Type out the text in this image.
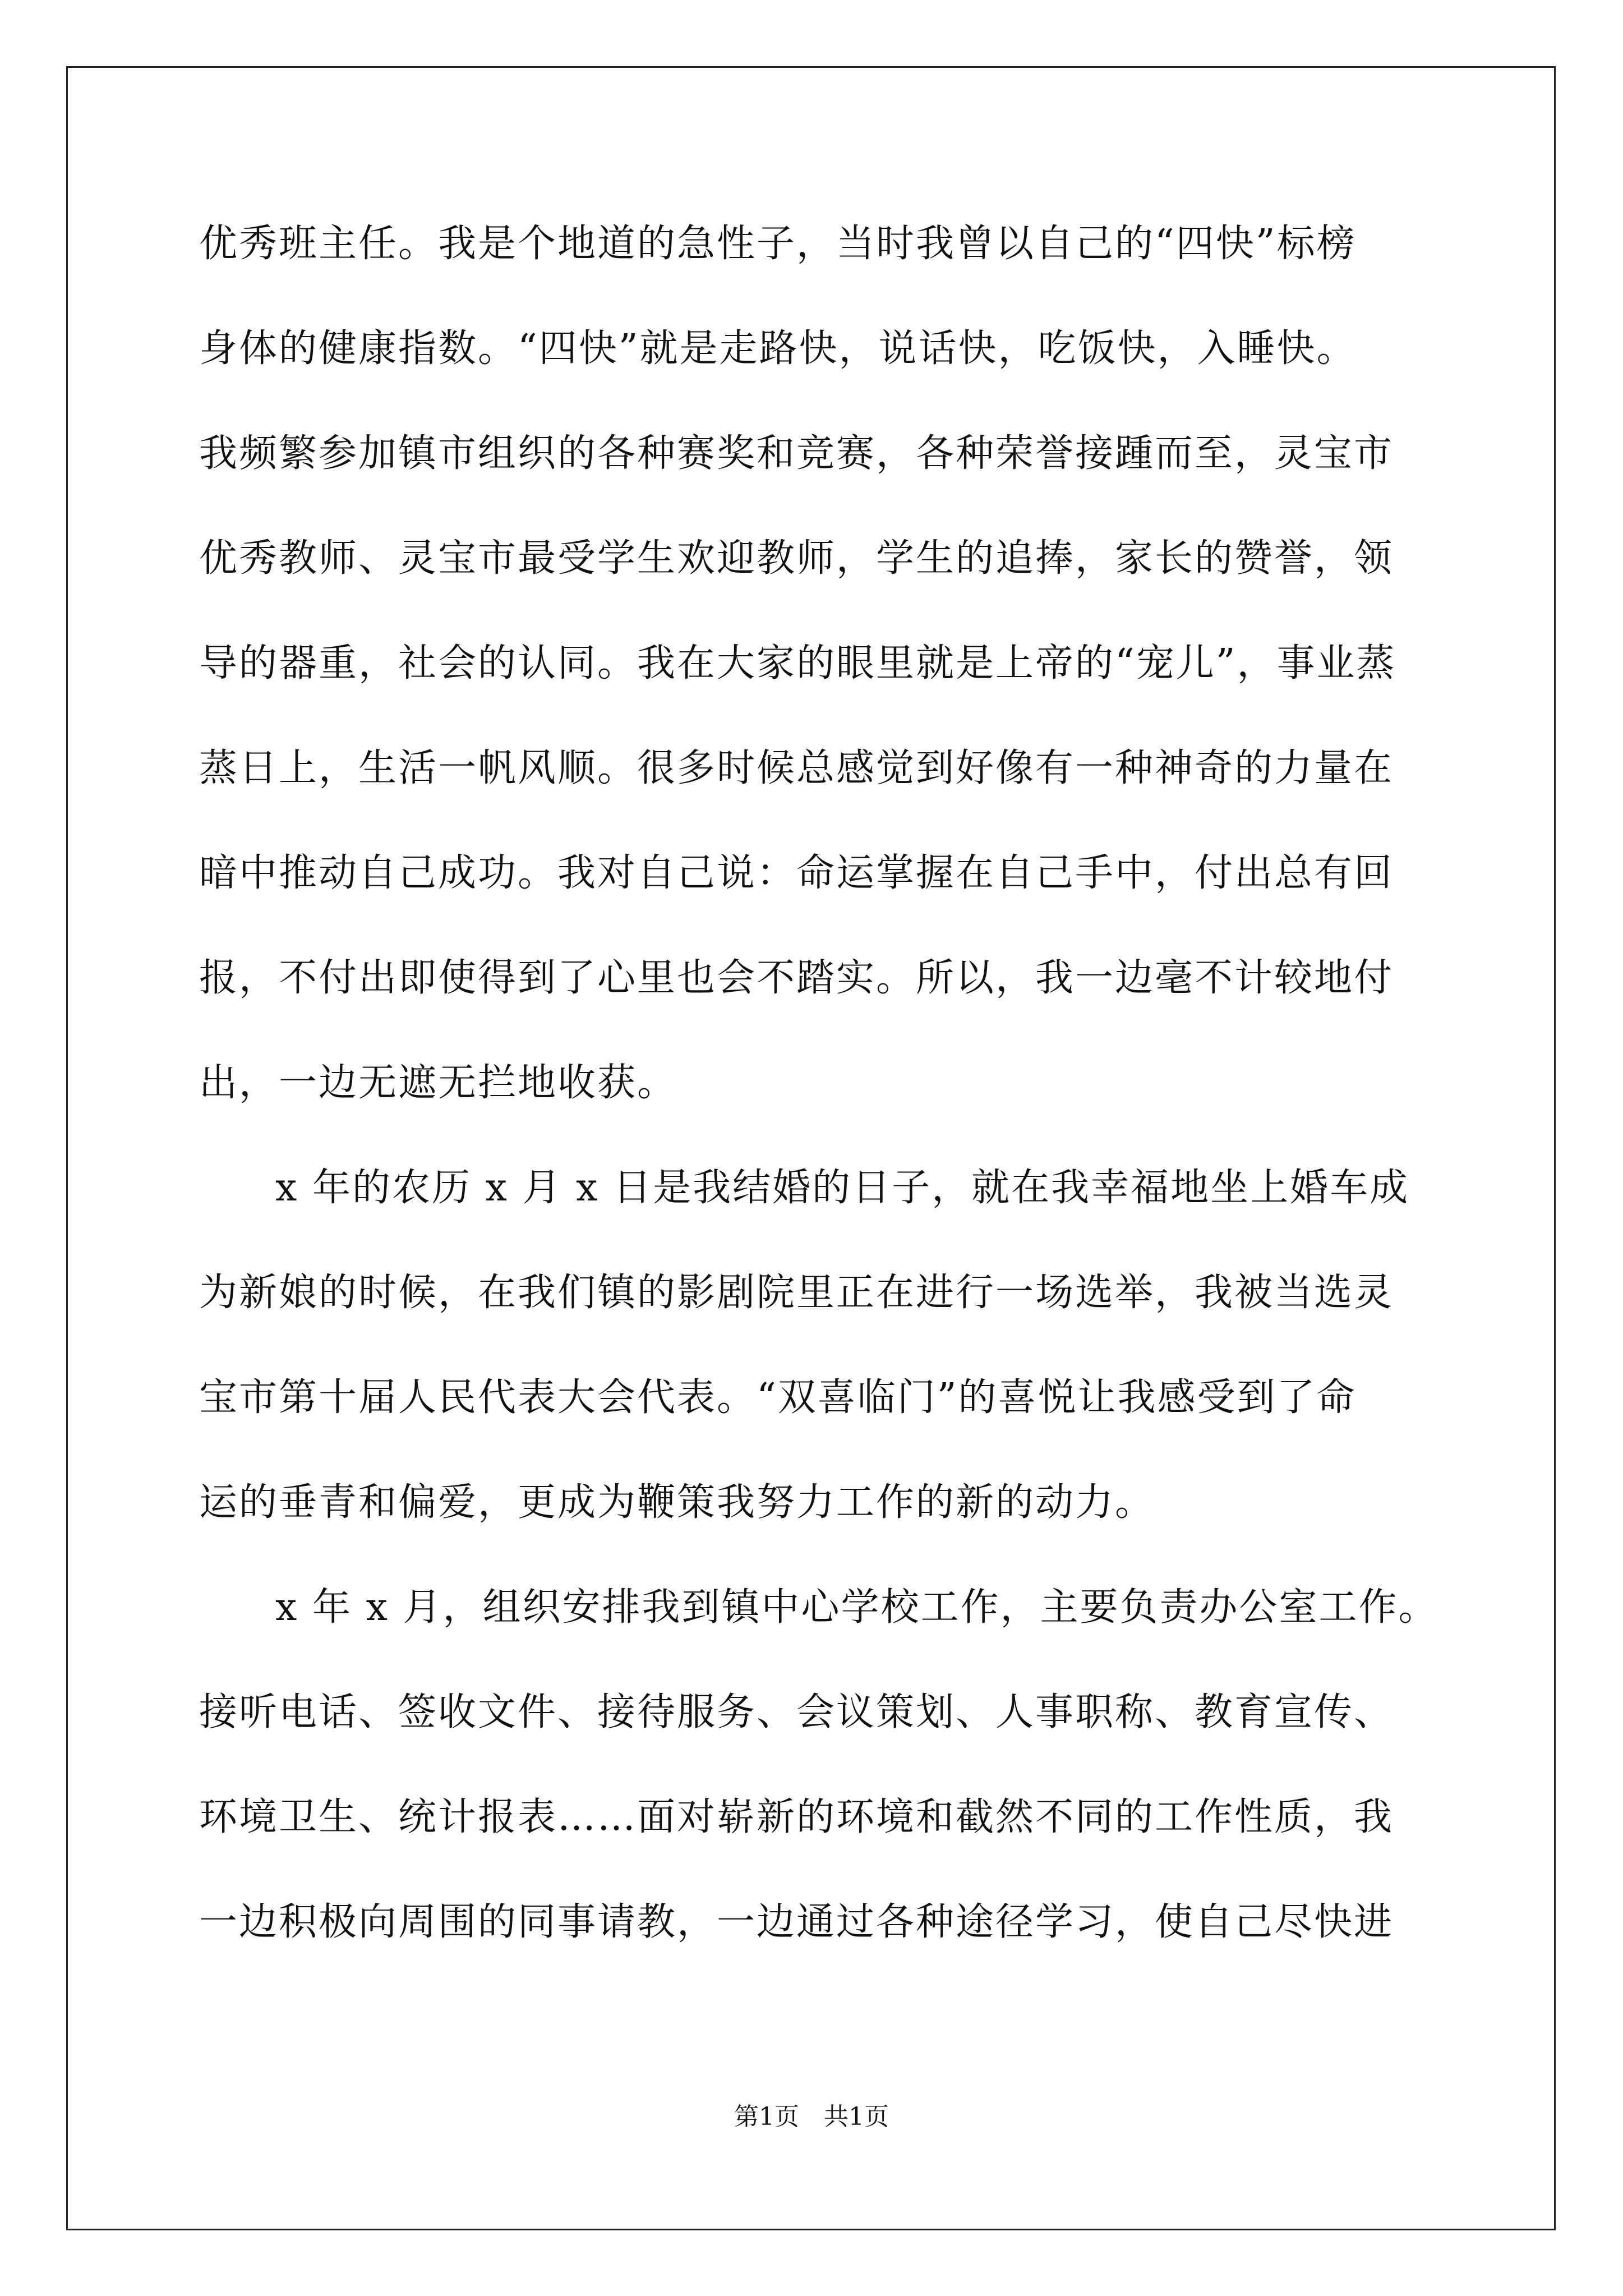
优秀班主任。我是个地道的急性子，当时我曾以自己的“四快”标榜
身体的健康指数。“四快”就是走路快，说话快，吃饭快，入睡快。
我频繁参加镇市组织的各种赛奖和竞赛，各种荣誉接踵而至，灵宝市
优秀教师、灵宝市最受学生欢迎教师，学生的追捧，家长的赞誉，领
导的器重，社会的认同。我在大家的眼里就是上帝的“宠儿”，事业蒸
蒸日上，生活一帆风顺。很多时候总感觉到好像有一种神奇的力量在
暗中推动自己成功。我对自己说：命运掌握在自己手中，付出总有回
报，不付出即使得到了心里也会不踏实。所以，我一边毫不计较地付
出，一边无遮无拦地收获。
x 年的农历 x 月 x 日是我结婚的日子，就在我幸福地坐上婚车成
为新娘的时候，在我们镇的影剧院里正在进行一场选举，我被当选灵
宝市第十届人民代表大会代表。“双喜临门”的喜悦让我感受到了命
运的垂青和偏爱，更成为鞭策我努力工作的新的动力。
x 年 x 月，组织安排我到镇中心学校工作，主要负责办公室工作。
接听电话、签收文件、接待服务、会议策划、人事职称、教育宣传、
环境卫生、统计报表……面对崭新的环境和截然不同的工作性质，我
一边积极向周围的同事请教，一边通过各种途径学习，使自己尽快进
第1页　共1页
